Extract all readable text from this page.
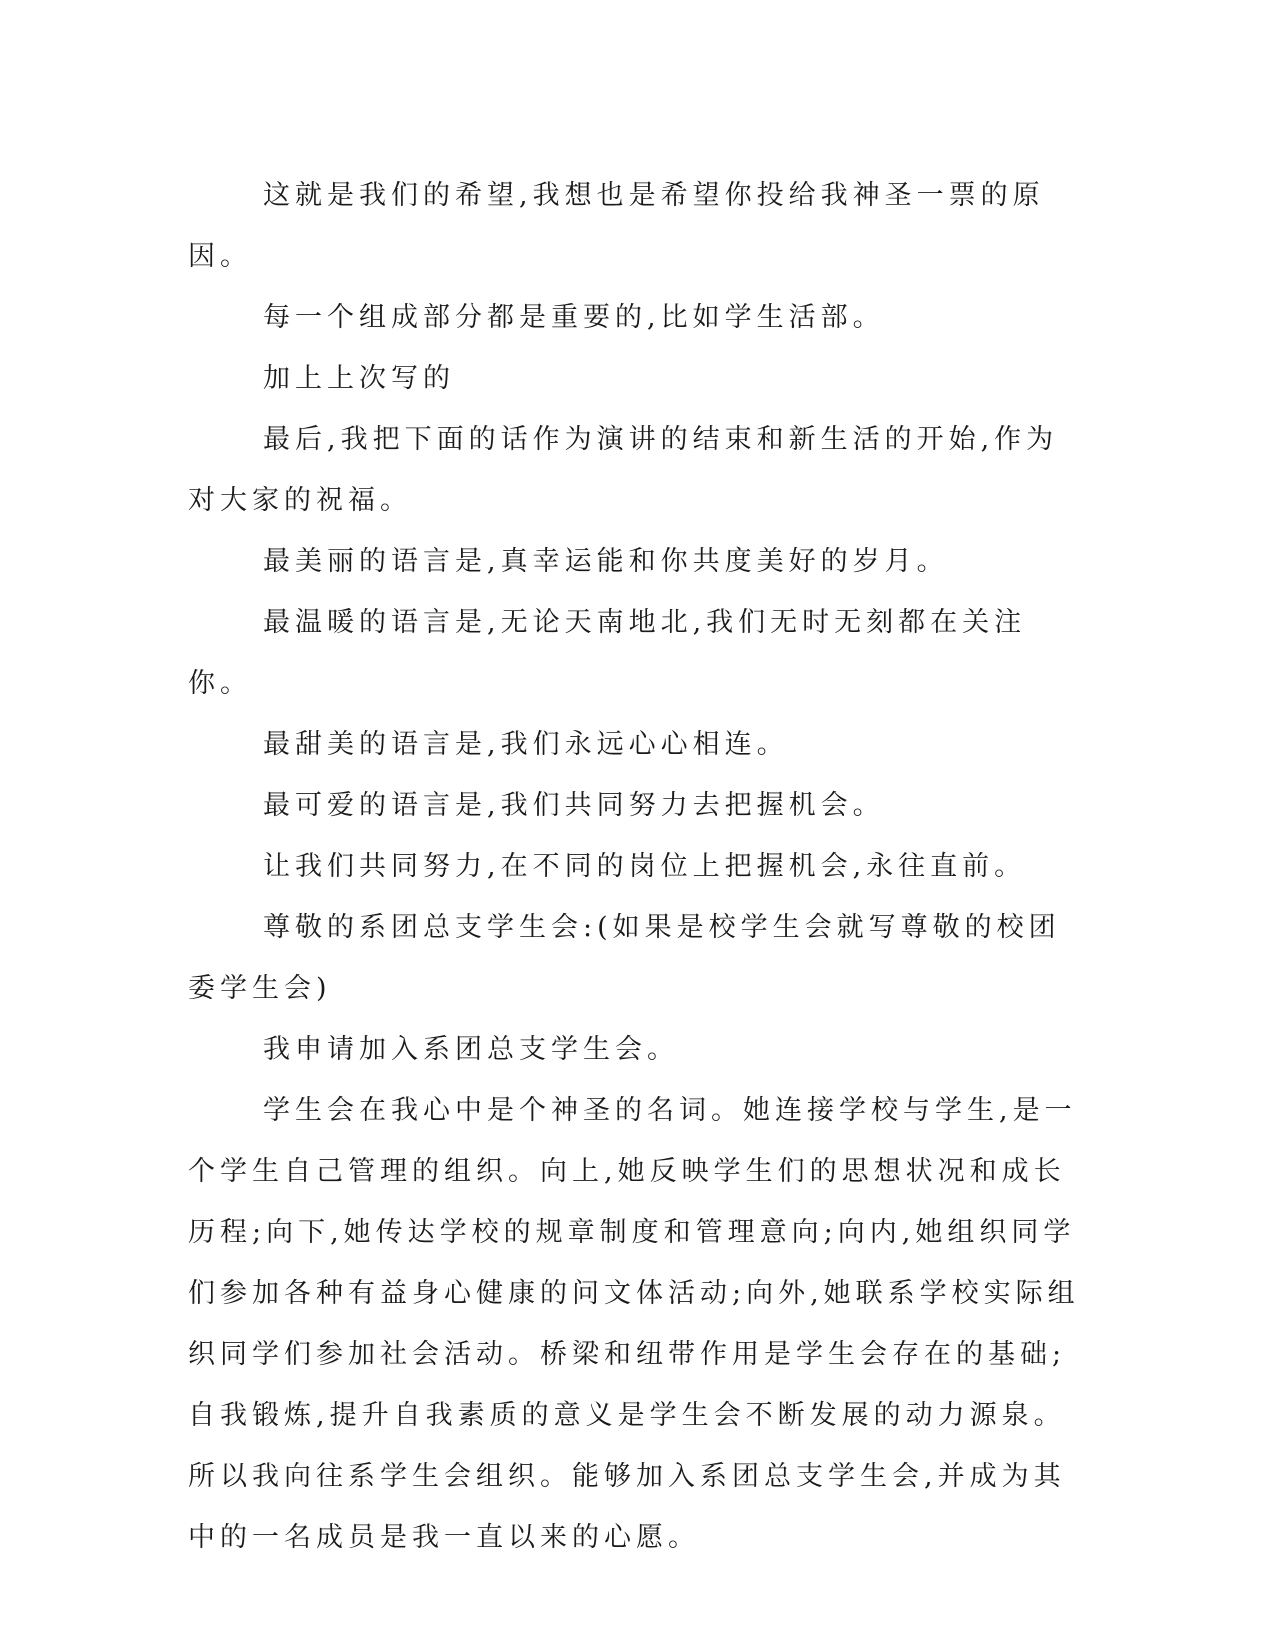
这就是我们的希望,我想也是希望你投给我神圣一票的原因。

每一个组成部分都是重要的,比如学生活部。

加上上次写的

最后,我把下面的话作为演讲的结束和新生活的开始,作为对大家的祝福。

最美丽的语言是,真幸运能和你共度美好的岁月。

最温暖的语言是,无论天南地北,我们无时无刻都在关注你。

最甜美的语言是,我们永远心心相连。

最可爱的语言是,我们共同努力去把握机会。

让我们共同努力,在不同的岗位上把握机会,永往直前。

尊敬的系团总支学生会:(如果是校学生会就写尊敬的校团委学生会)

我申请加入系团总支学生会。

学生会在我心中是个神圣的名词。她连接学校与学生,是一个学生自己管理的组织。向上,她反映学生们的思想状况和成长历程;向下,她传达学校的规章制度和管理意向;向内,她组织同学们参加各种有益身心健康的问文体活动;向外,她联系学校实际组织同学们参加社会活动。桥梁和纽带作用是学生会存在的基础;自我锻炼,提升自我素质的意义是学生会不断发展的动力源泉。所以我向往系学生会组织。能够加入系团总支学生会,并成为其中的一名成员是我一直以来的心愿。
